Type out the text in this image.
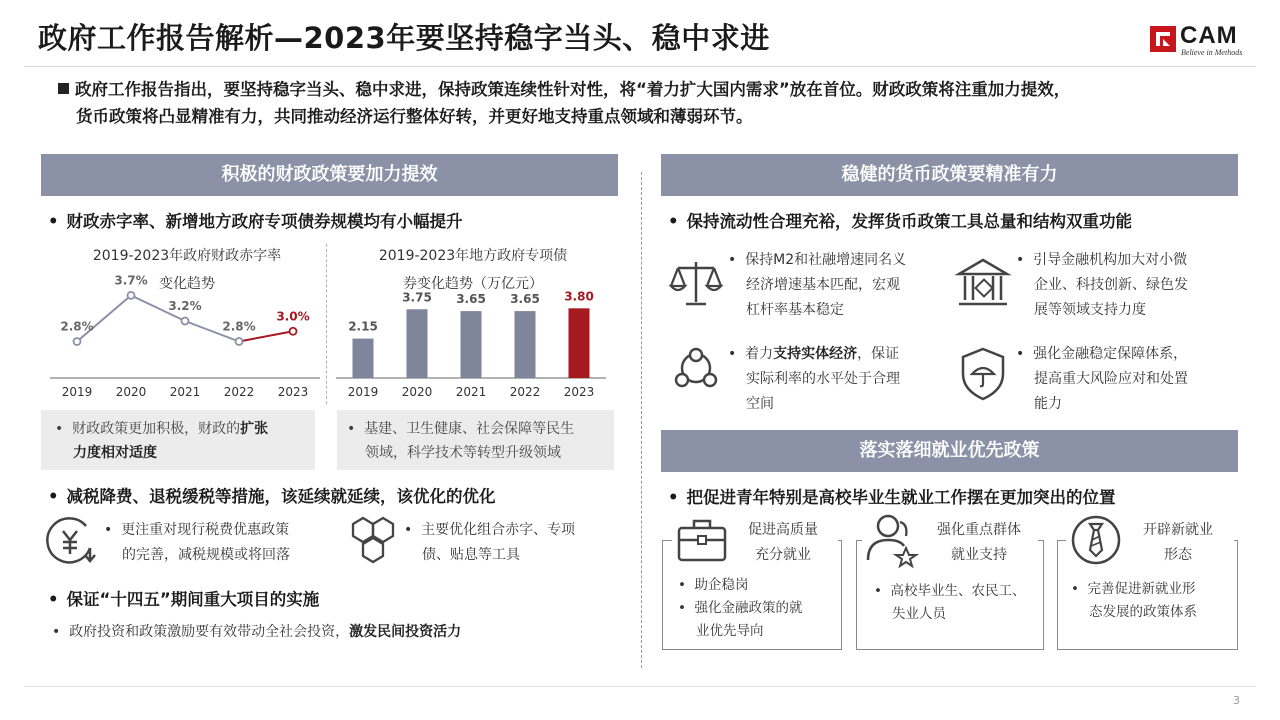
政府工作报告解析—2023年要坚持稳字当头、稳中求进	CAM
Believe in Methods
政府工作报告指出，要坚持稳字当头、稳中求进，保持政策连续性针对性，将“着力扩大国内需求”放在首位。财政政策将注重加力提效，
货币政策将凸显精准有力，共同推动经济运行整体好转，并更好地支持重点领域和薄弱环节。
积极的财政政策要加力提效
• 财政赤字率、新增地方政府专项债券规模均有小幅提升
2019-2023年政府财政赤字率
变化趋势
2019-2023年地方政府专项债
券变化趋势（万亿元）
2.8%
2019
3.7%
2020
3.2%
2021
2.8%
2022
3.0%
2023
2.15
2019
3.75
2020
3.65
2021
3.65
2022
3.80
2023
•  财政政策更加积极，财政的扩张
力度相对适度
•  基建、卫生健康、社会保障等民生
领域，科学技术等转型升级领域
• 减税降费、退税缓税等措施，该延续就延续，该优化的优化
•  更注重对现行税费优惠政策
的完善，减税规模或将回落
•  主要优化组合赤字、专项
债、贴息等工具
• 保证“十四五”期间重大项目的实施
•  政府投资和政策激励要有效带动全社会投资，激发民间投资活力
稳健的货币政策要精准有力
• 保持流动性合理充裕，发挥货币政策工具总量和结构双重功能
•  保持M2和社融增速同名义
经济增速基本匹配，宏观
杠杆率基本稳定
•  引导金融机构加大对小微
企业、科技创新、绿色发
展等领域支持力度
•  着力支持实体经济，保证
实际利率的水平处于合理
空间
•  强化金融稳定保障体系，
提高重大风险应对和处置
能力
落实落细就业优先政策
• 把促进青年特别是高校毕业生就业工作摆在更加突出的位置
促进高质量
充分就业
•  助企稳岗
•  强化金融政策的就
业优先导向
强化重点群体
就业支持
•  高校毕业生、农民工、
失业人员
开辟新就业
形态
•  完善促进新就业形
态发展的政策体系
3
